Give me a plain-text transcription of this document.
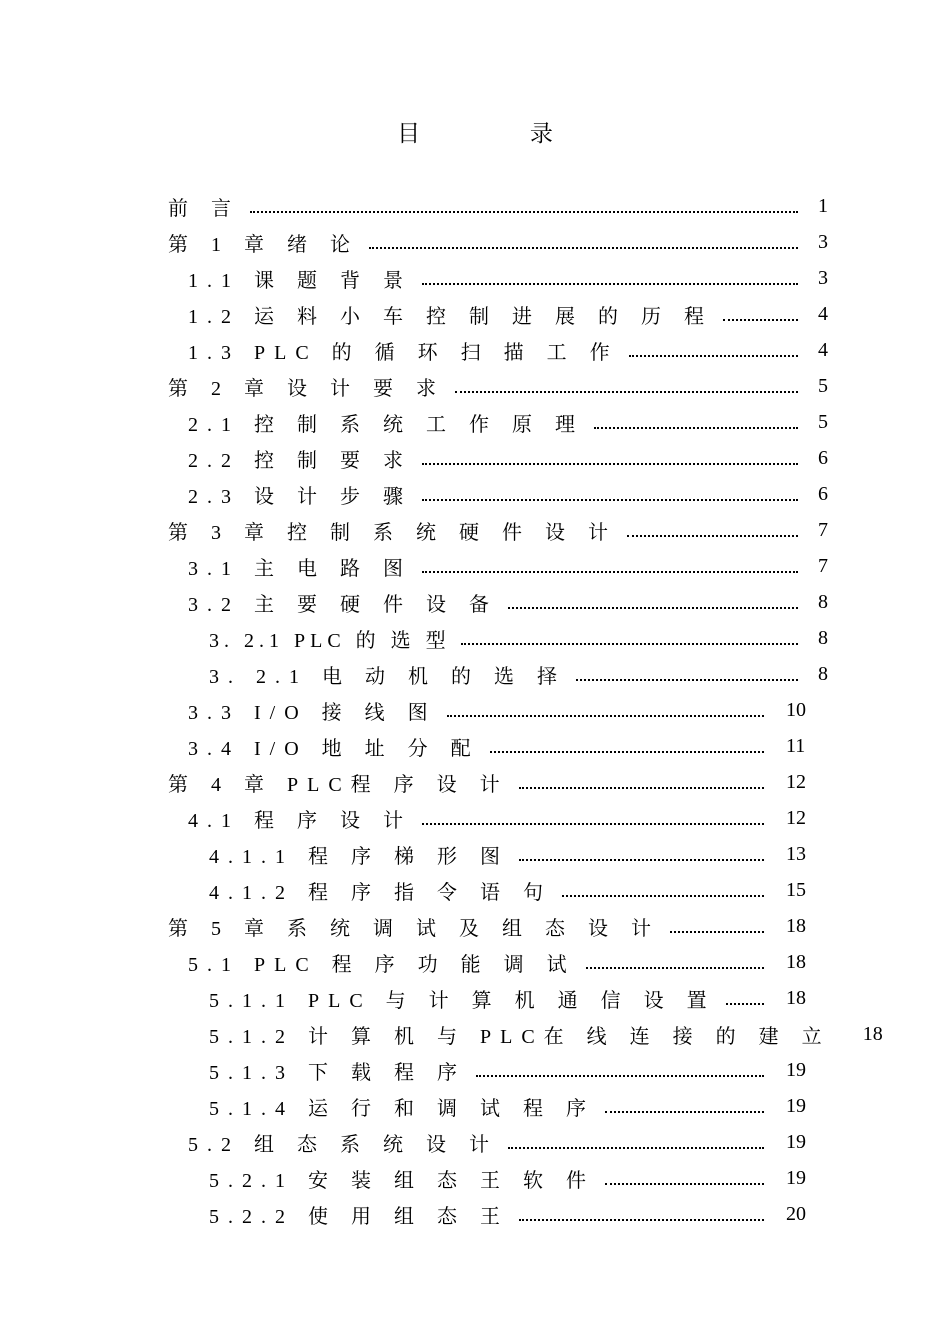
目 录
前 言	1
第 1 章 绪 论	3
1.1 课 题 背 景	3
1.2 运 料 小 车 控 制 进 展 的 历 程	4
1.3 PLC 的 循 环 扫 描 工 作	4
第 2 章 设 计 要 求	5
2.1 控 制 系 统 工 作 原 理	5
2.2 控 制 要 求	6
2.3 设 计 步 骤	6
第 3 章 控 制 系 统 硬 件 设 计	7
3.1 主 电 路 图	7
3.2 主 要 硬 件 设 备	8
3. 2.1 PLC 的 选 型	8
3. 2.1 电 动 机 的 选 择	8
3.3 I/O 接 线 图	10
3.4 I/O 地 址 分 配	11
第 4 章 PLC程 序 设 计	12
4.1 程 序 设 计	12
4.1.1 程 序 梯 形 图	13
4.1.2 程 序 指 令 语 句	15
第 5 章 系 统 调 试 及 组 态 设 计	18
5.1 PLC 程 序 功 能 调 试	18
5.1.1 PLC 与 计 算 机 通 信 设 置	18
5.1.2 计 算 机 与 PLC在 线 连 接 的 建 立 18
5.1.3 下 载 程 序	19
5.1.4 运 行 和 调 试 程 序	19
5.2 组 态 系 统 设 计	19
5.2.1 安 装 组 态 王 软 件	19
5.2.2 使 用 组 态 王	20
